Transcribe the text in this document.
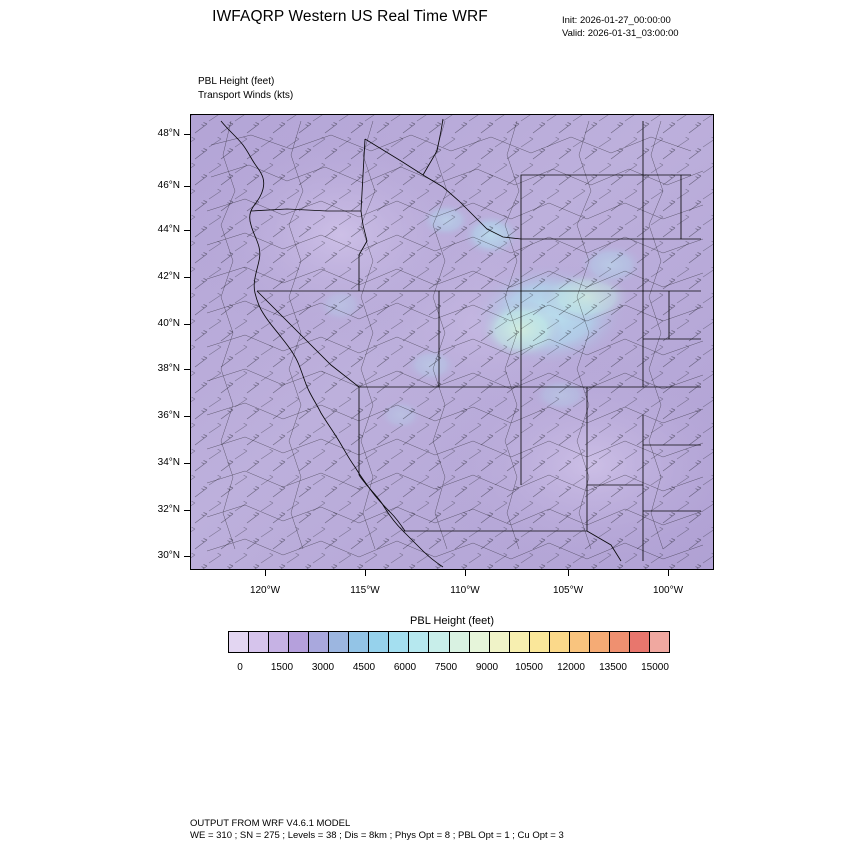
IWFAQRP Western US Real Time WRF	Init: 2026-01-27_00:00:00
Valid: 2026-01-31_03:00:00
PBL Height (feet)
Transport Winds (kts)
48°N
46°N
44°N
42°N
40°N
38°N
36°N
34°N
32°N
30°N
120°W	115°W	110°W	105°W	100°W
PBL Height (feet)
0	1500	3000	4500	6000	7500	9000	10500	12000	13500	15000
OUTPUT FROM WRF V4.6.1 MODEL
WE = 310 ; SN = 275 ; Levels = 38 ; Dis = 8km ; Phys Opt = 8 ; PBL Opt = 1 ; Cu Opt = 3
